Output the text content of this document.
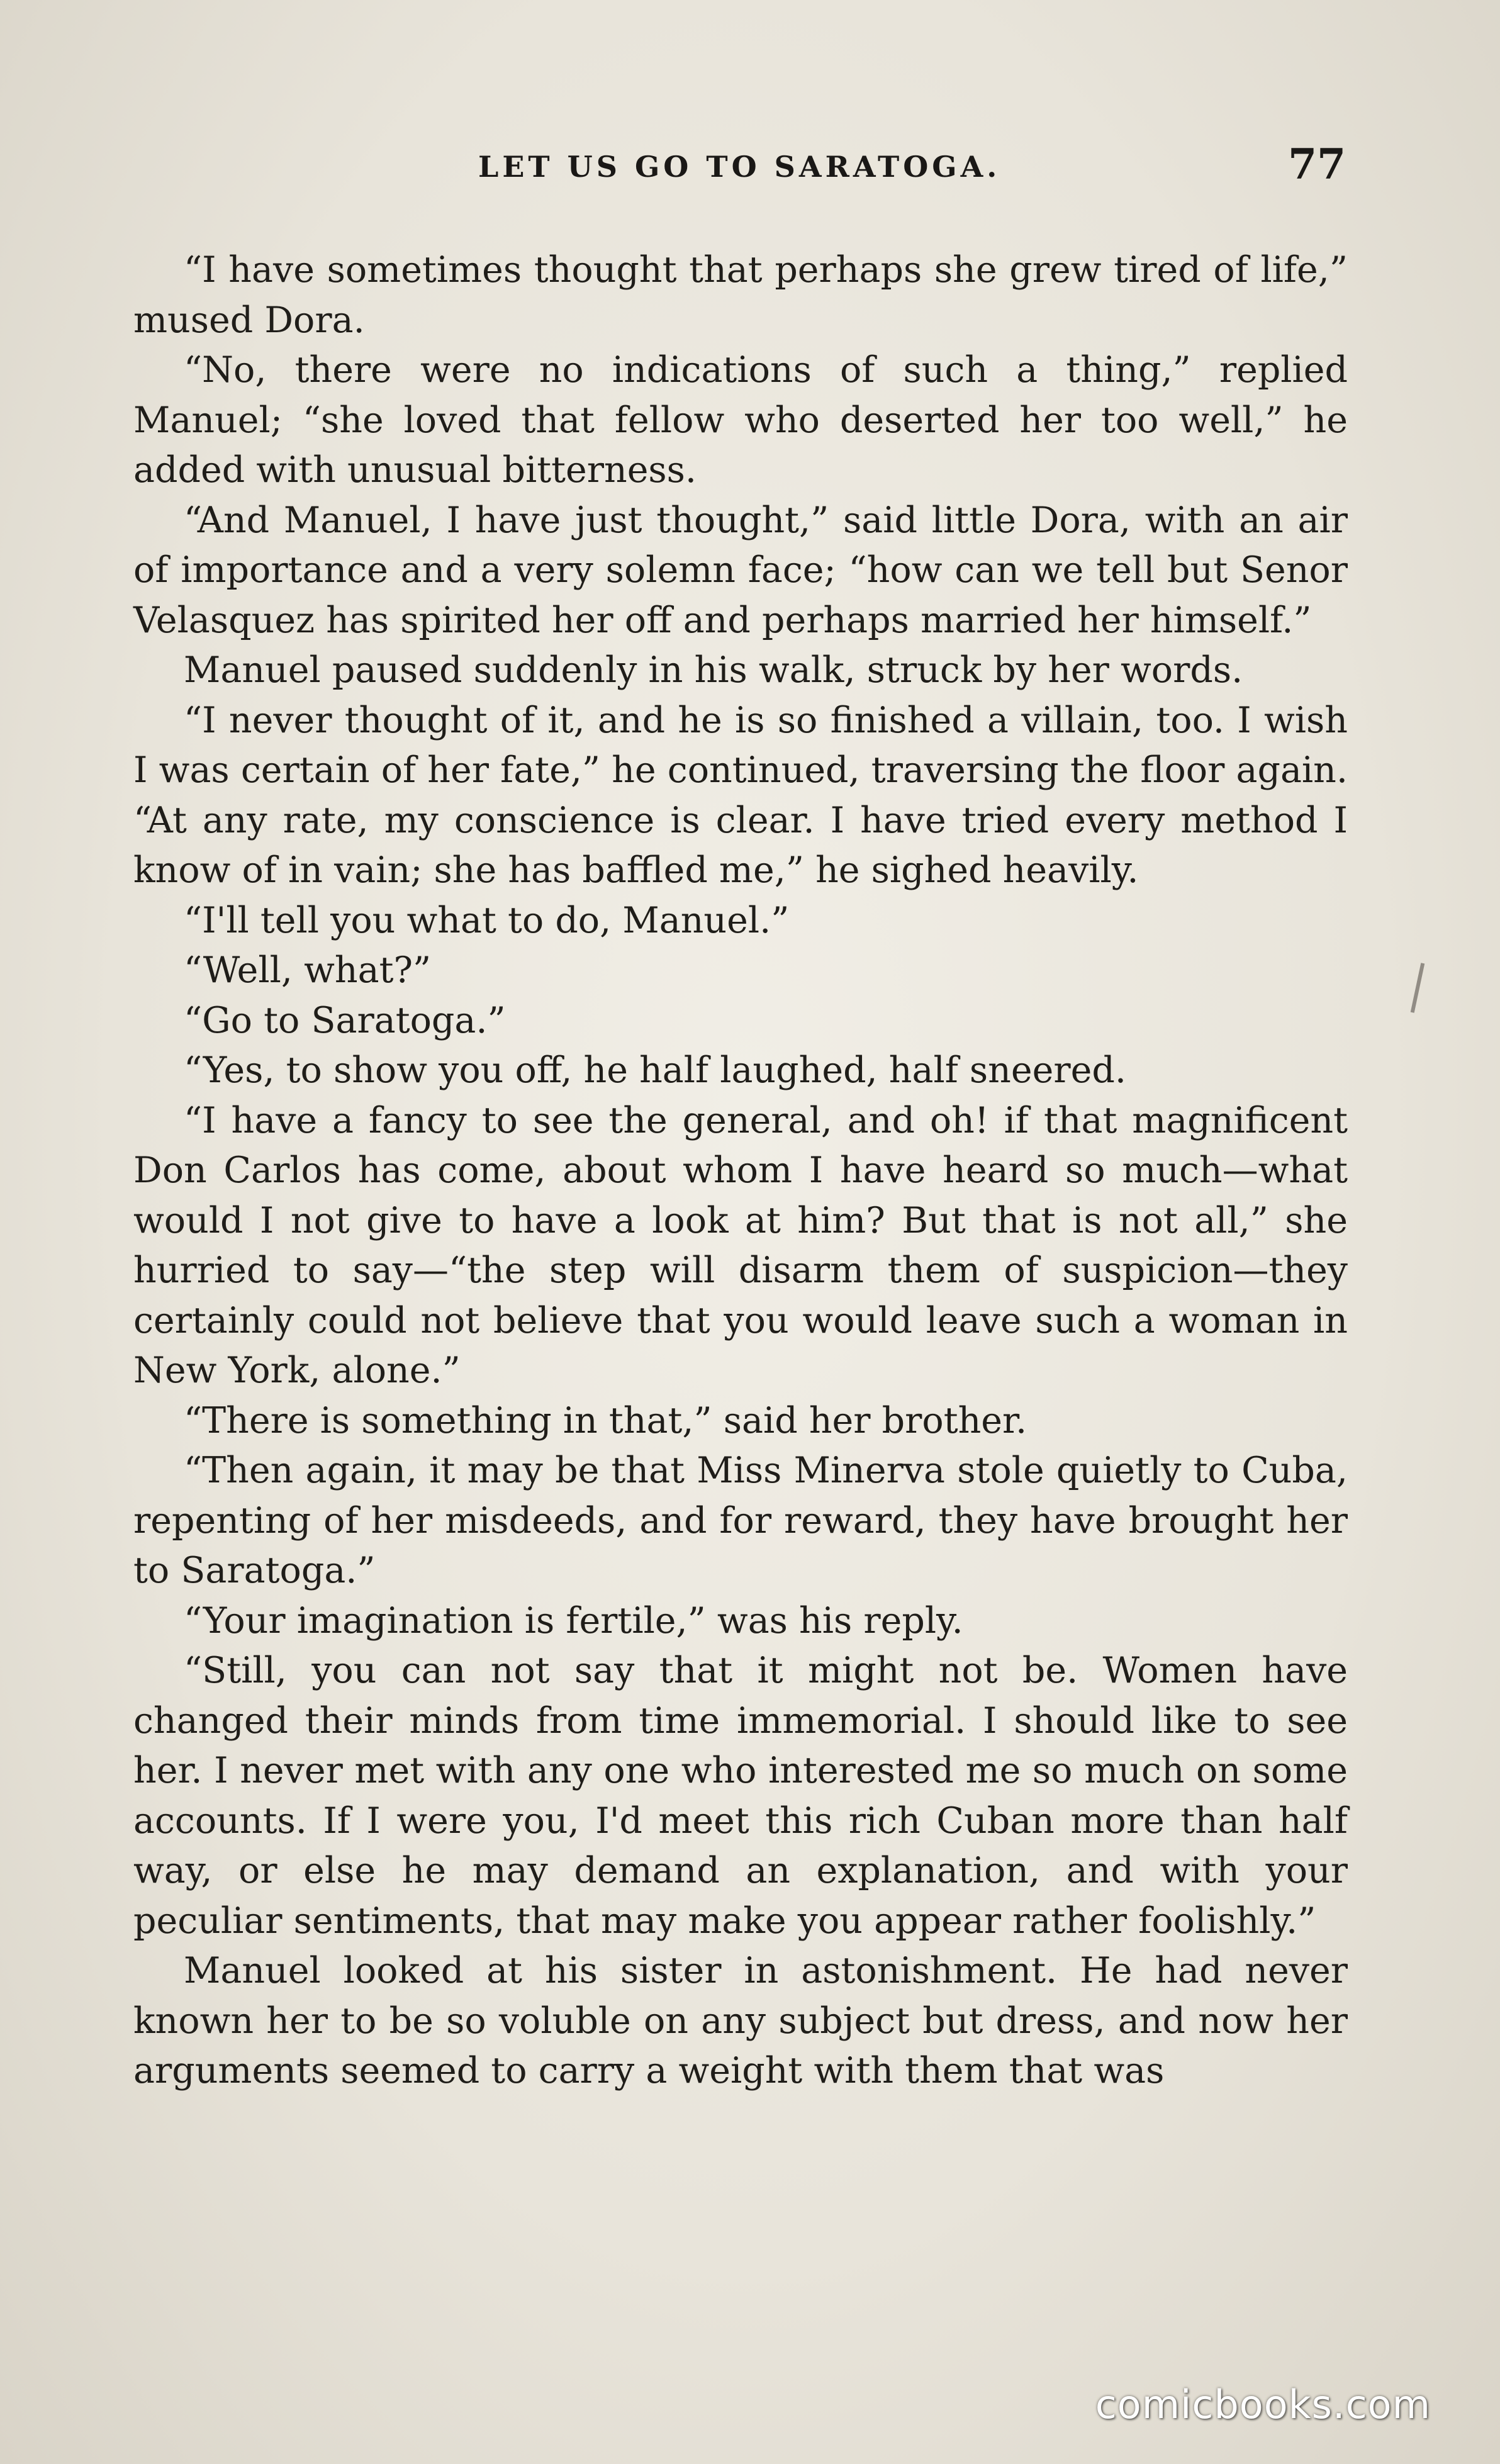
LET US GO TO SARATOGA.	77

“I have sometimes thought that perhaps she grew tired of life,” mused Dora.

“No, there were no indications of such a thing,” replied Manuel; “she loved that fellow who deserted her too well,” he added with unusual bitterness.

“And Manuel, I have just thought,” said little Dora, with an air of importance and a very solemn face; “how can we tell but Senor Velasquez has spirited her off and perhaps married her himself.”

Manuel paused suddenly in his walk, struck by her words.

“I never thought of it, and he is so finished a villain, too. I wish I was certain of her fate,” he continued, traversing the floor again. “At any rate, my conscience is clear. I have tried every method I know of in vain; she has baffled me,” he sighed heavily.

“I'll tell you what to do, Manuel.”

“Well, what?”

“Go to Saratoga.”

“Yes, to show you off, he half laughed, half sneered.

“I have a fancy to see the general, and oh! if that magnificent Don Carlos has come, about whom I have heard so much—what would I not give to have a look at him? But that is not all,” she hurried to say—“the step will disarm them of suspicion—they certainly could not believe that you would leave such a woman in New York, alone.”

“There is something in that,” said her brother.

“Then again, it may be that Miss Minerva stole quietly to Cuba, repenting of her misdeeds, and for reward, they have brought her to Saratoga.”

“Your imagination is fertile,” was his reply.

“Still, you can not say that it might not be. Women have changed their minds from time immemorial. I should like to see her. I never met with any one who interested me so much on some accounts. If I were you, I'd meet this rich Cuban more than half way, or else he may demand an explanation, and with your peculiar sentiments, that may make you appear rather foolishly.”

Manuel looked at his sister in astonishment. He had never known her to be so voluble on any subject but dress, and now her arguments seemed to carry a weight with them that was

comicbooks.com
